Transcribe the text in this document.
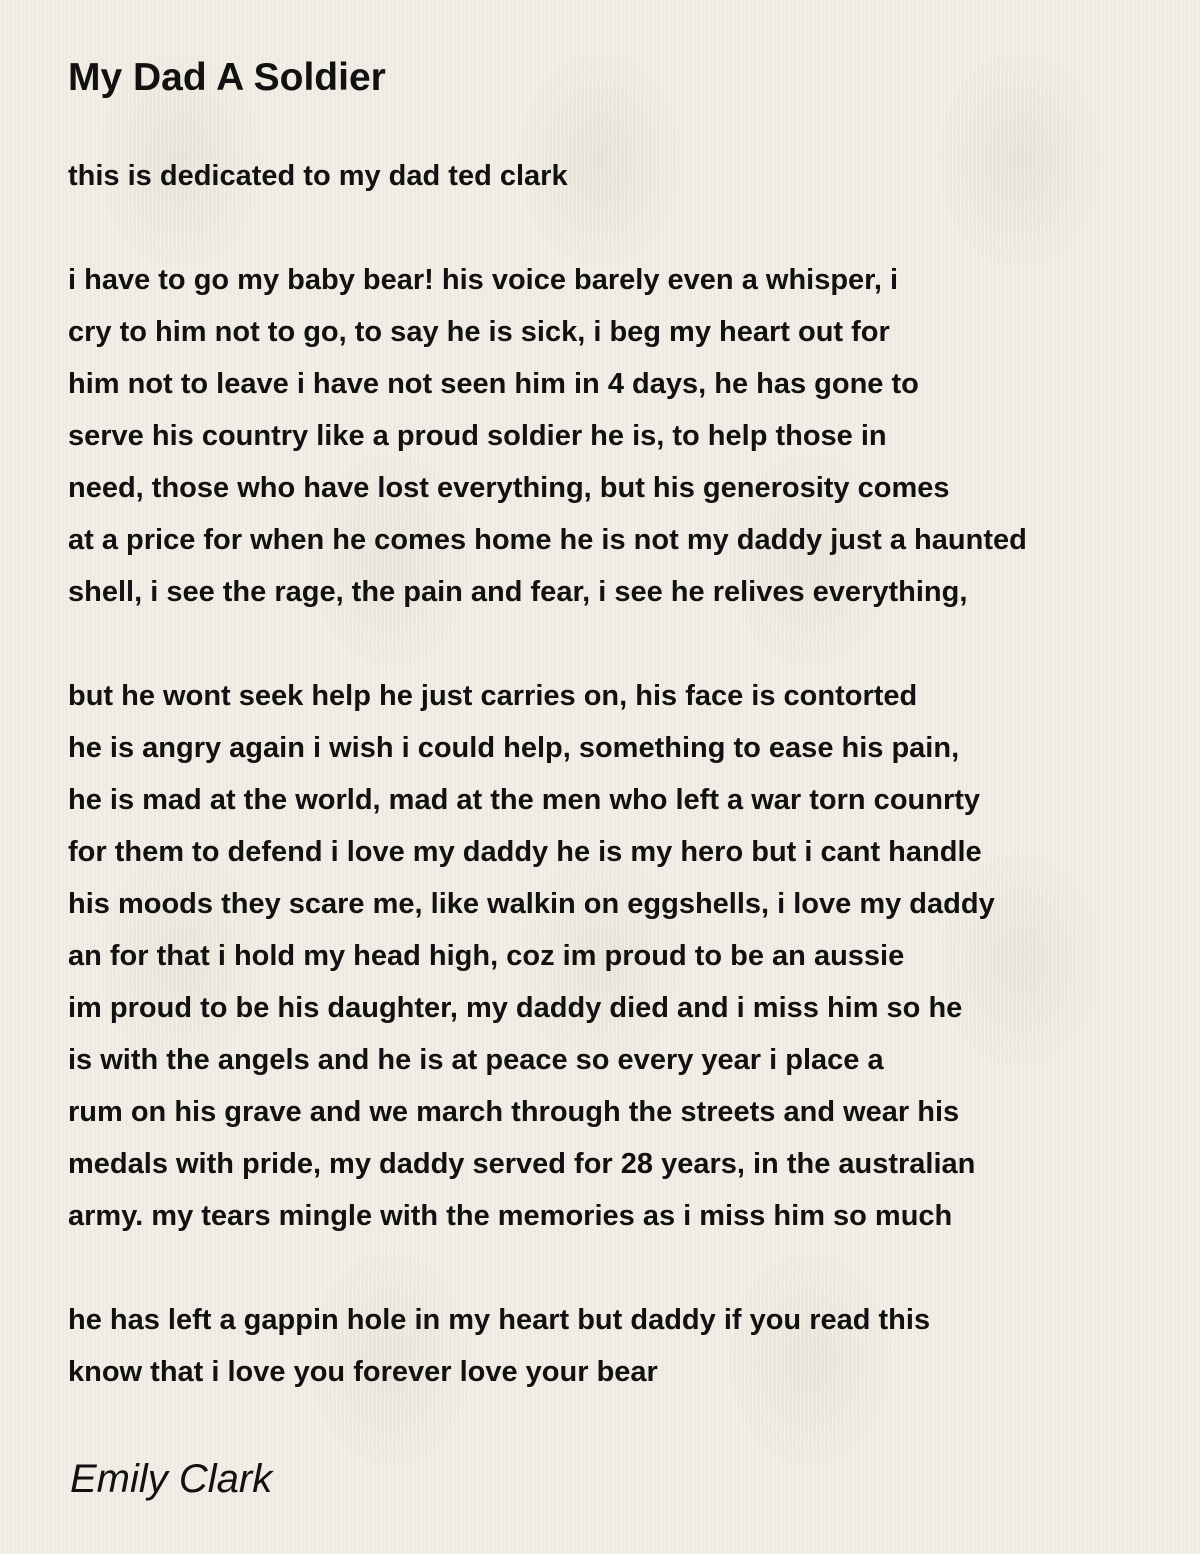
My Dad A Soldier
this is dedicated to my dad ted clark
i have to go my baby bear! his voice barely even a whisper, i
cry to him not to go, to say he is sick, i beg my heart out for
him not to leave i have not seen him in 4 days, he has gone to
serve his country like a proud soldier he is, to help those in
need, those who have lost everything, but his generosity comes
at a price for when he comes home he is not my daddy just a haunted
shell, i see the rage, the pain and fear, i see he relives everything,
but he wont seek help he just carries on, his face is contorted
he is angry again i wish i could help, something to ease his pain,
he is mad at the world, mad at the men who left a war torn counrty
for them to defend i love my daddy he is my hero but i cant handle
his moods they scare me, like walkin on eggshells, i love my daddy
an for that i hold my head high, coz im proud to be an aussie
im proud to be his daughter, my daddy died and i miss him so he
is with the angels and he is at peace so every year i place a
rum on his grave and we march through the streets and wear his
medals with pride, my daddy served for 28 years, in the australian
army. my tears mingle with the memories as i miss him so much
he has left a gappin hole in my heart but daddy if you read this
know that i love you forever love your bear
Emily Clark
